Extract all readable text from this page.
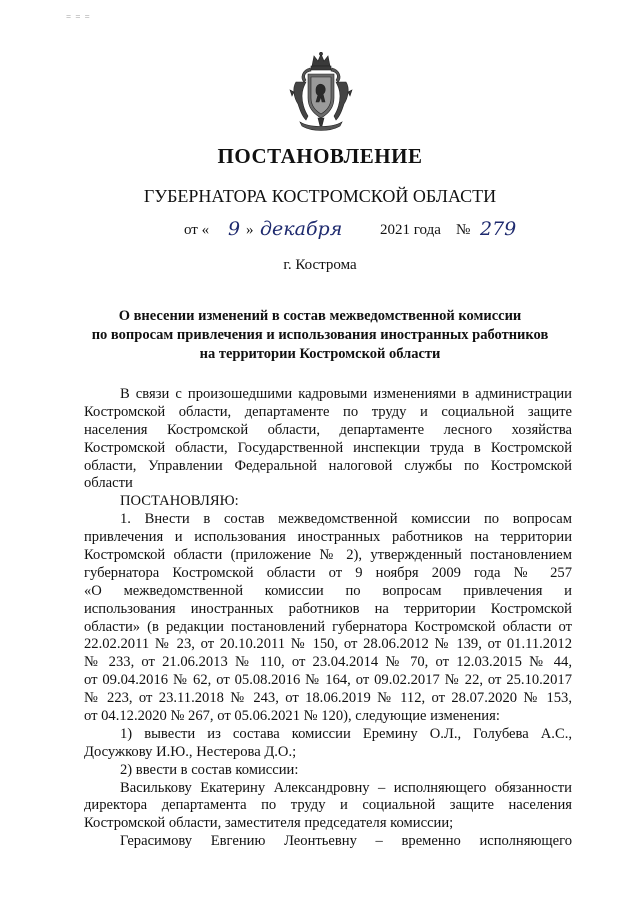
= = =
ПОСТАНОВЛЕНИЕ
ГУБЕРНАТОРА КОСТРОМСКОЙ ОБЛАСТИ
от « 9 » декабря	2021 года № 279
г. Кострома
О внесении изменений в состав межведомственной комиссии
по вопросам привлечения и использования иностранных работников
на территории Костромской области
В связи с произошедшими кадровыми изменениями в администрации
Костромской области, департаменте по труду и социальной защите
населения Костромской области, департаменте лесного хозяйства
Костромской области, Государственной инспекции труда в Костромской
области, Управлении Федеральной налоговой службы по Костромской
области
ПОСТАНОВЛЯЮ:
1. Внести в состав межведомственной комиссии по вопросам
привлечения и использования иностранных работников на территории
Костромской области (приложение № 2), утвержденный постановлением
губернатора Костромской области от 9 ноября 2009 года № 257
«О межведомственной комиссии по вопросам привлечения и
использования иностранных работников на территории Костромской
области» (в редакции постановлений губернатора Костромской области от
22.02.2011 № 23, от 20.10.2011 № 150, от 28.06.2012 № 139, от 01.11.2012
№ 233, от 21.06.2013 № 110, от 23.04.2014 № 70, от 12.03.2015 № 44,
от 09.04.2016 № 62, от 05.08.2016 № 164, от 09.02.2017 № 22, от 25.10.2017
№ 223, от 23.11.2018 № 243, от 18.06.2019 № 112, от 28.07.2020 № 153,
от 04.12.2020 № 267, от 05.06.2021 № 120), следующие изменения:
1) вывести из состава комиссии Еремину О.Л., Голубева А.С.,
Досужкову И.Ю., Нестерова Д.О.;
2) ввести в состав комиссии:
Василькову Екатерину Александровну – исполняющего обязанности
директора департамента по труду и социальной защите населения
Костромской области, заместителя председателя комиссии;
Герасимову Евгению Леонтьевну – временно исполняющего
